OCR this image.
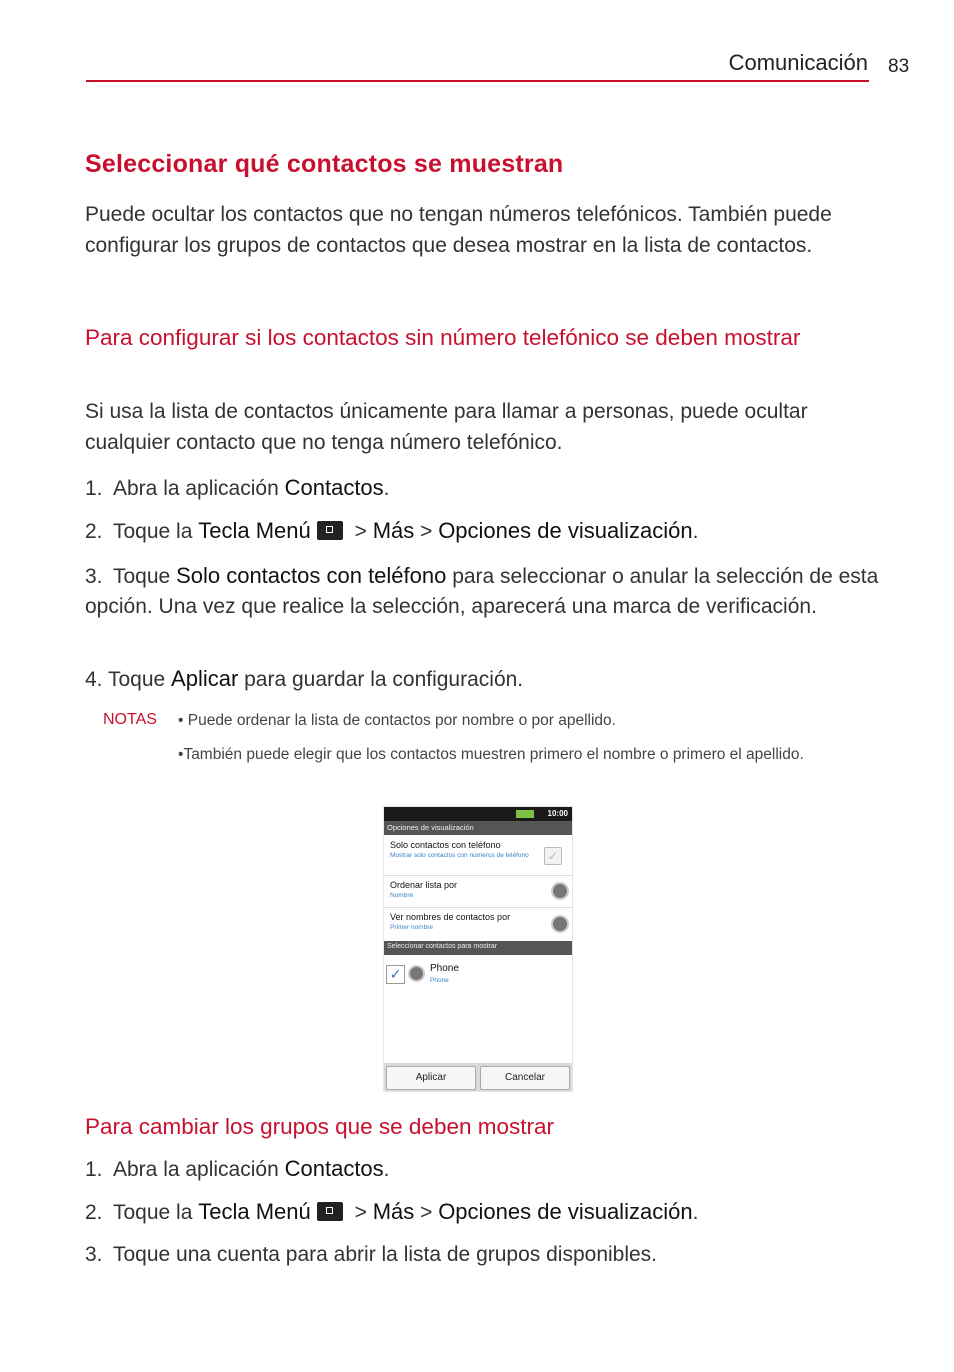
Comunicación 83
Seleccionar qué contactos se muestran

Puede ocultar los contactos que no tengan números telefónicos. También puede configurar los grupos de contactos que desea mostrar en la lista de contactos.

Para configurar si los contactos sin número telefónico se deben mostrar

Si usa la lista de contactos únicamente para llamar a personas, puede ocultar cualquier contacto que no tenga número telefónico.

1. Abra la aplicación Contactos.
2. Toque la Tecla Menú > Más > Opciones de visualización.
3. Toque Solo contactos con teléfono para seleccionar o anular la selección de esta opción. Una vez que realice la selección, aparecerá una marca de verificación.
4. Toque Aplicar para guardar la configuración.
NOTAS • Puede ordenar la lista de contactos por nombre o por apellido.
•También puede elegir que los contactos muestren primero el nombre o primero el apellido.
10:00
Opciones de visualización
Solo contactos con teléfono
Mostrar solo contactos con números de teléfono	✓
Ordenar lista por
Nombre
Ver nombres de contactos por
Primer nombre
Seleccionar contactos para mostrar
✓	Phone
Phone
Aplicar	Cancelar
Para cambiar los grupos que se deben mostrar
1. Abra la aplicación Contactos.
2. Toque la Tecla Menú > Más > Opciones de visualización.
3. Toque una cuenta para abrir la lista de grupos disponibles.
